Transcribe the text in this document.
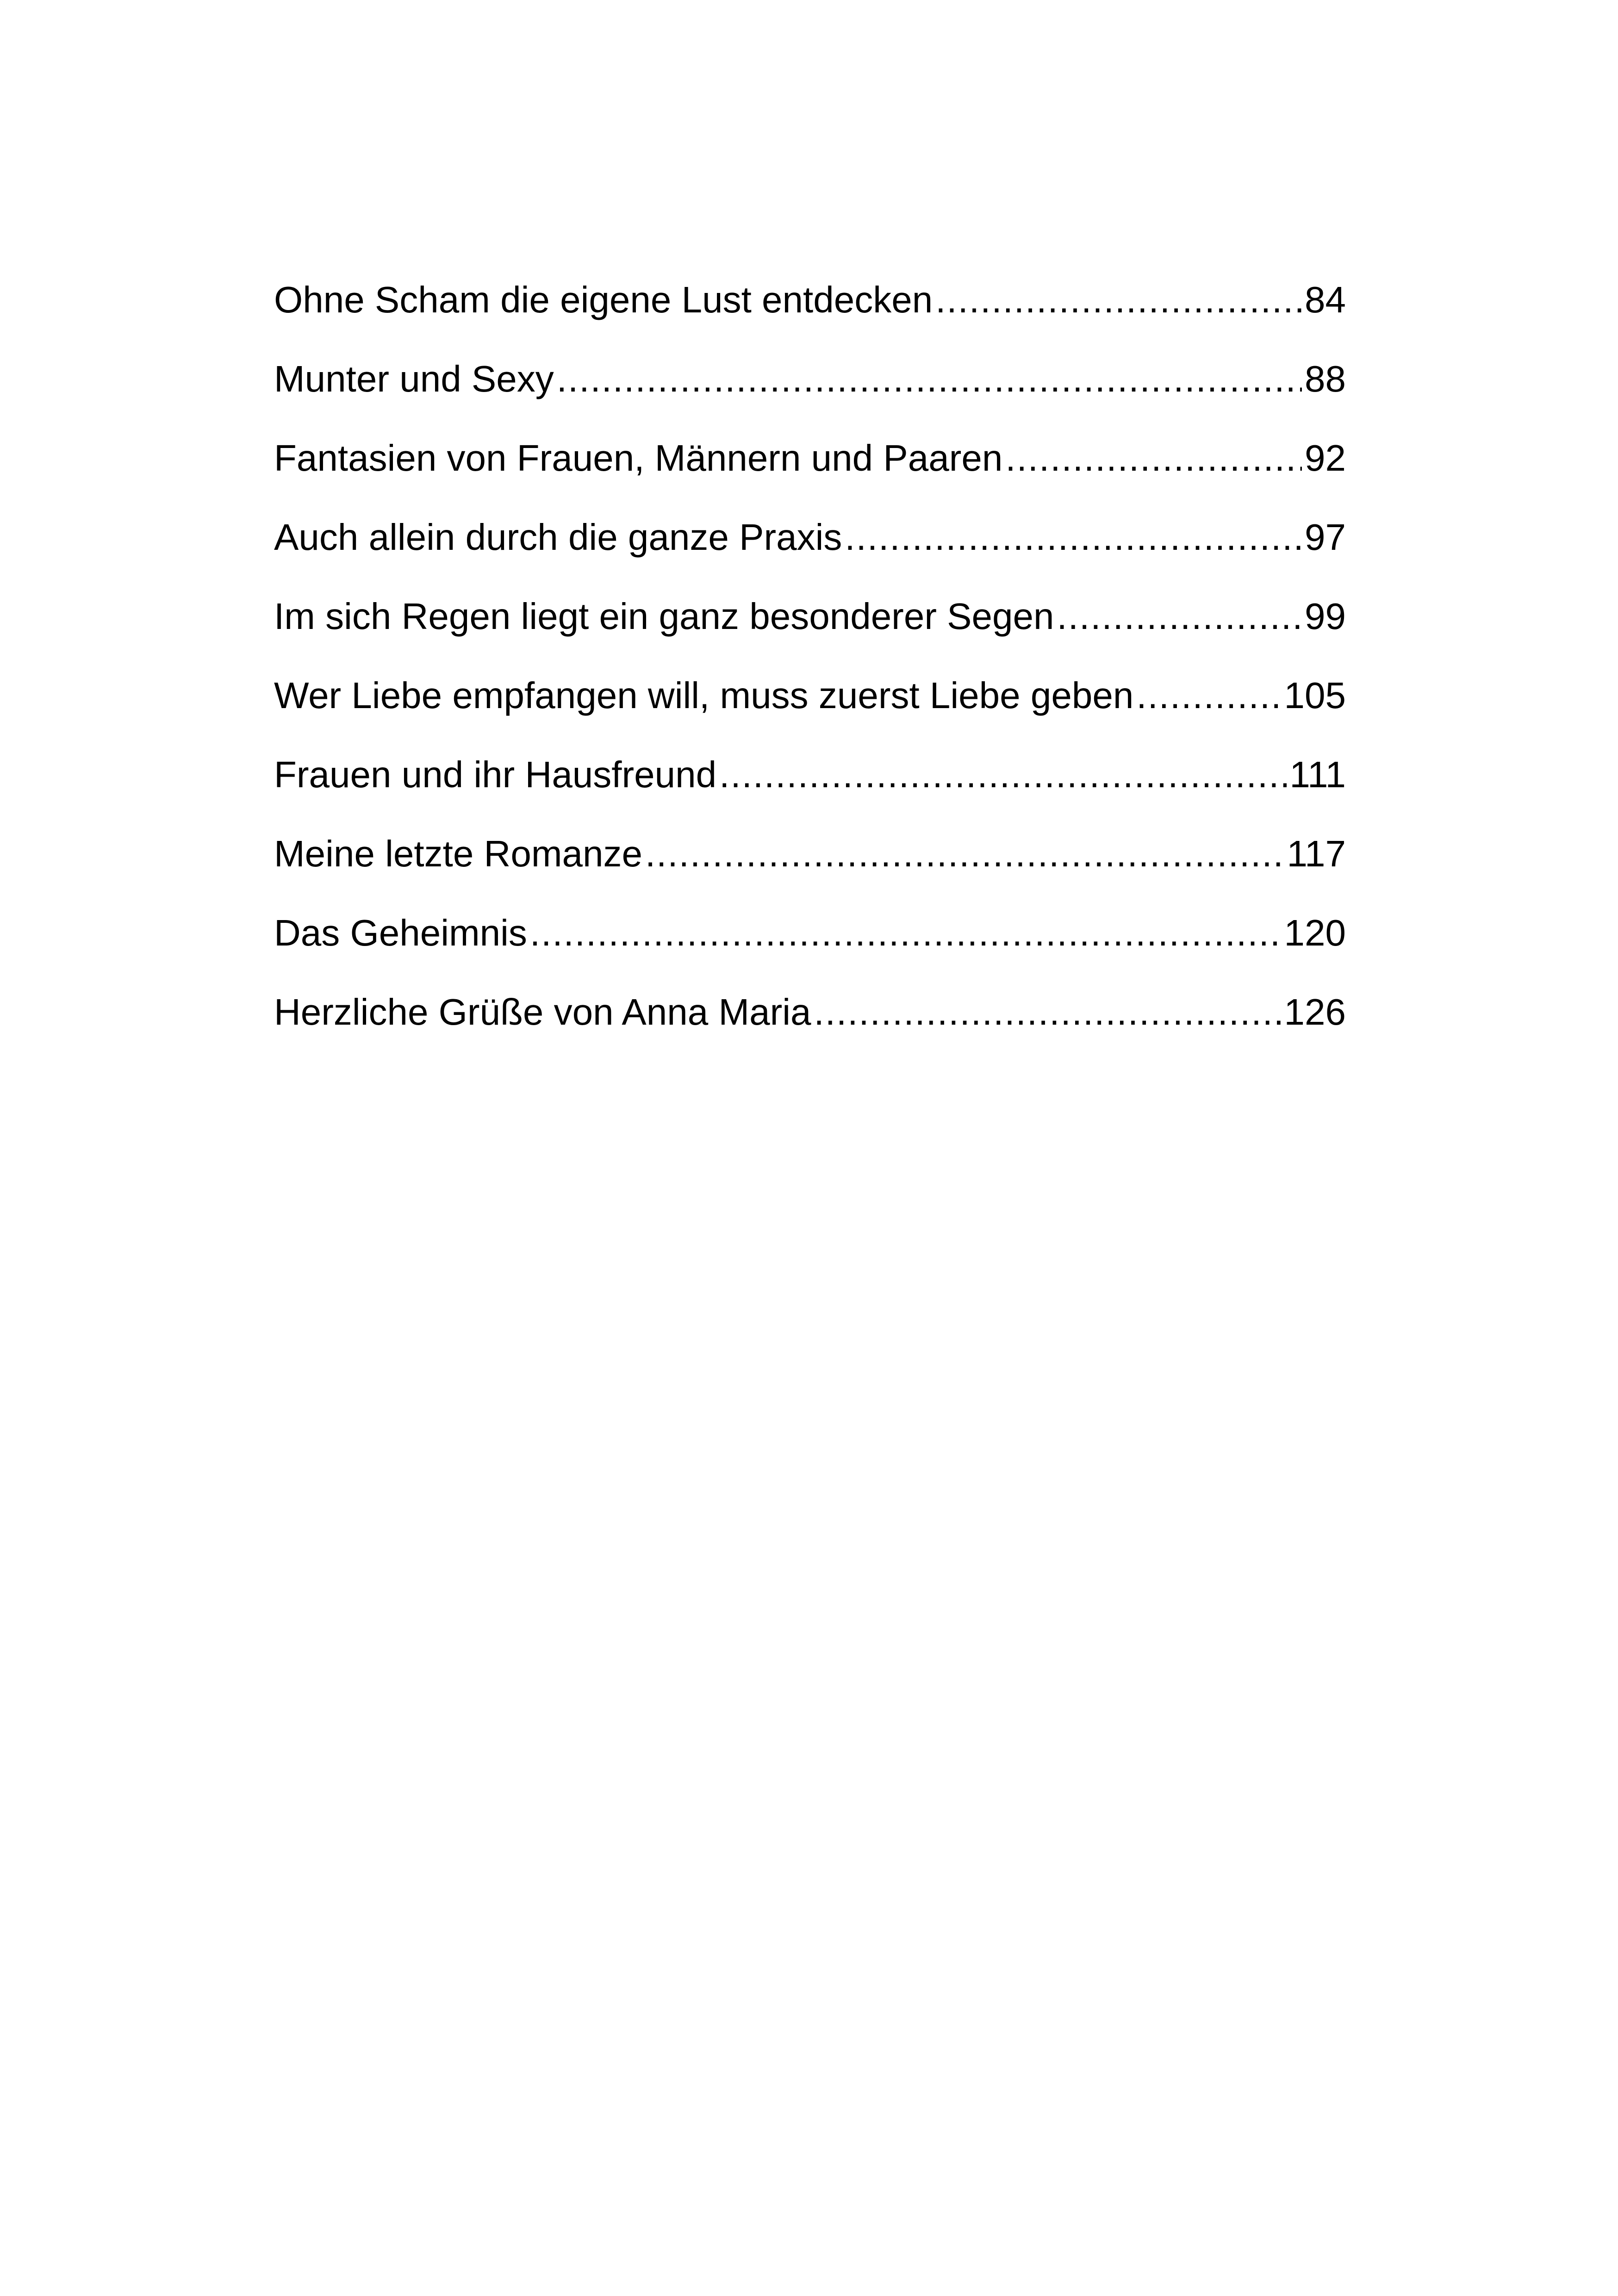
Ohne Scham die eigene Lust entdecken .....	84
Munter und Sexy .....	88
Fantasien von Frauen, Männern und Paaren .....	92
Auch allein durch die ganze Praxis .....	97
Im sich Regen liegt ein ganz besonderer Segen .....	99
Wer Liebe empfangen will, muss zuerst Liebe geben .....	105
Frauen und ihr Hausfreund .....	111
Meine letzte Romanze .....	117
Das Geheimnis .....	120
Herzliche Grüße von Anna Maria .....	126
